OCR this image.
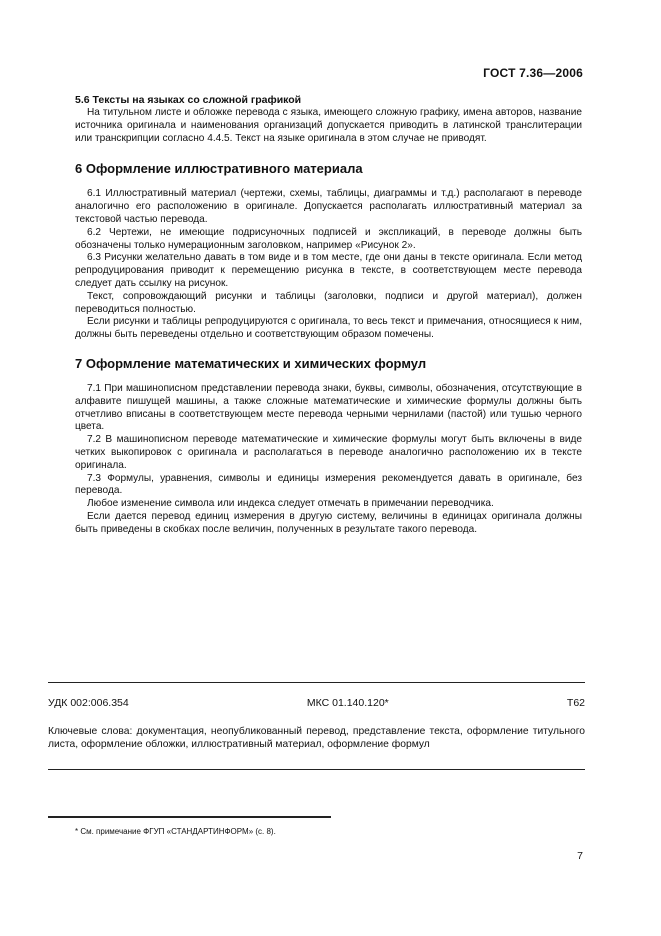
ГОСТ 7.36—2006
5.6 Тексты на языках со сложной графикой

На титульном листе и обложке перевода с языка, имеющего сложную графику, имена авторов, название источника оригинала и наименования организаций допускается приводить в латинской транслитерации или транскрипции согласно 4.4.5. Текст на языке оригинала в этом случае не приводят.

6 Оформление иллюстративного материала

6.1 Иллюстративный материал (чертежи, схемы, таблицы, диаграммы и т.д.) располагают в переводе аналогично его расположению в оригинале. Допускается располагать иллюстративный материал за текстовой частью перевода.

6.2 Чертежи, не имеющие подрисуночных подписей и экспликаций, в переводе должны быть обозначены только нумерационным заголовком, например «Рисунок 2».

6.3 Рисунки желательно давать в том виде и в том месте, где они даны в тексте оригинала. Если метод репродуцирования приводит к перемещению рисунка в тексте, в соответствующем месте перевода следует дать ссылку на рисунок.

Текст, сопровождающий рисунки и таблицы (заголовки, подписи и другой материал), должен переводиться полностью.

Если рисунки и таблицы репродуцируются с оригинала, то весь текст и примечания, относящиеся к ним, должны быть переведены отдельно и соответствующим образом помечены.

7 Оформление математических и химических формул

7.1 При машинописном представлении перевода знаки, буквы, символы, обозначения, отсутствующие в алфавите пишущей машины, а также сложные математические и химические формулы должны быть отчетливо вписаны в соответствующем месте перевода черными чернилами (пастой) или тушью черного цвета.

7.2 В машинописном переводе математические и химические формулы могут быть включены в виде четких выкопировок с оригинала и располагаться в переводе аналогично расположению их в тексте оригинала.

7.3 Формулы, уравнения, символы и единицы измерения рекомендуется давать в оригинале, без перевода.

Любое изменение символа или индекса следует отмечать в примечании переводчика.

Если дается перевод единиц измерения в другую систему, величины в единицах оригинала должны быть приведены в скобках после величин, полученных в результате такого перевода.

УДК 002:006.354	МКС 01.140.120*	Т62
Ключевые слова: документация, неопубликованный перевод, представление текста, оформление титульного листа, оформление обложки, иллюстративный материал, оформление формул
* См. примечание ФГУП «СТАНДАРТИНФОРМ» (с. 8).
7
